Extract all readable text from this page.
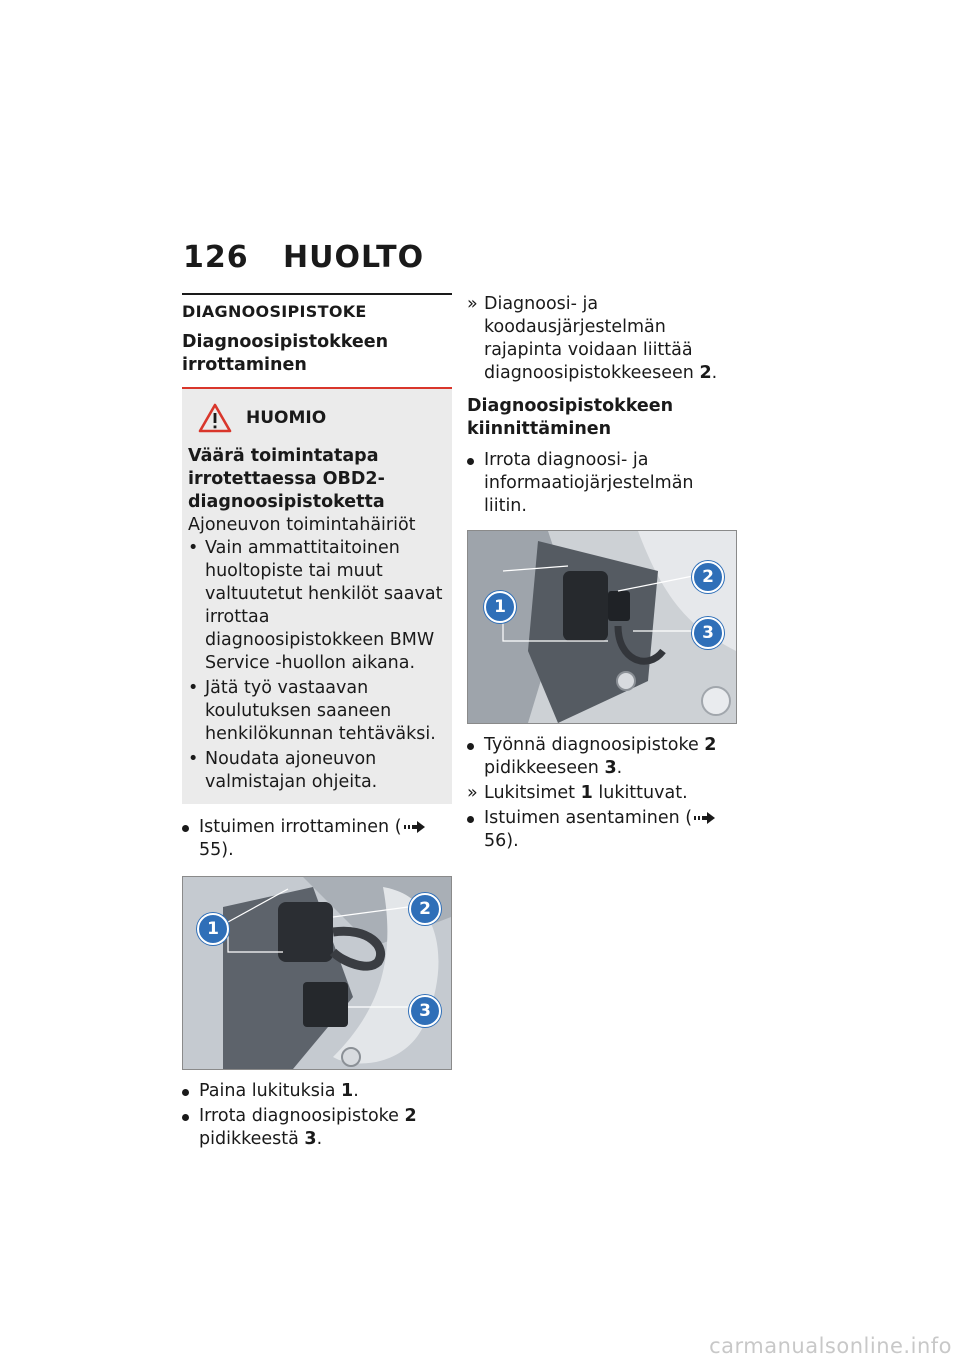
126 HUOLTO
DIAGNOOSIPISTOKE
Diagnoosipistokkeen irrottaminen
HUOMIO
Väärä toimintatapa irrotettaessa OBD2-diagnoosipistoketta
Ajoneuvon toimintahäiriöt
• Vain ammattitaitoinen huoltopiste tai muut valtuutetut henkilöt saavat irrottaa diagnoosipistokkeen BMW Service -huollon aikana.
• Jätä työ vastaavan koulutuksen saaneen henkilökunnan tehtäväksi.
• Noudata ajoneuvon valmistajan ohjeita.
Istuimen irrottaminen (55).
1
2
3
Paina lukituksia 1.
Irrota diagnoosipistoke 2 pidikkeestä 3.
» Diagnoosi- ja koodausjärjestelmän rajapinta voidaan liittää diagnoosipistokkeeseen 2.
Diagnoosipistokkeen kiinnittäminen
Irrota diagnoosi- ja informaatiojärjestelmän liitin.
1
2
3
Työnnä diagnoosipistoke 2 pidikkeeseen 3.
» Lukitsimet 1 lukittuvat.
Istuimen asentaminen (56).
carmanualsonline.info
